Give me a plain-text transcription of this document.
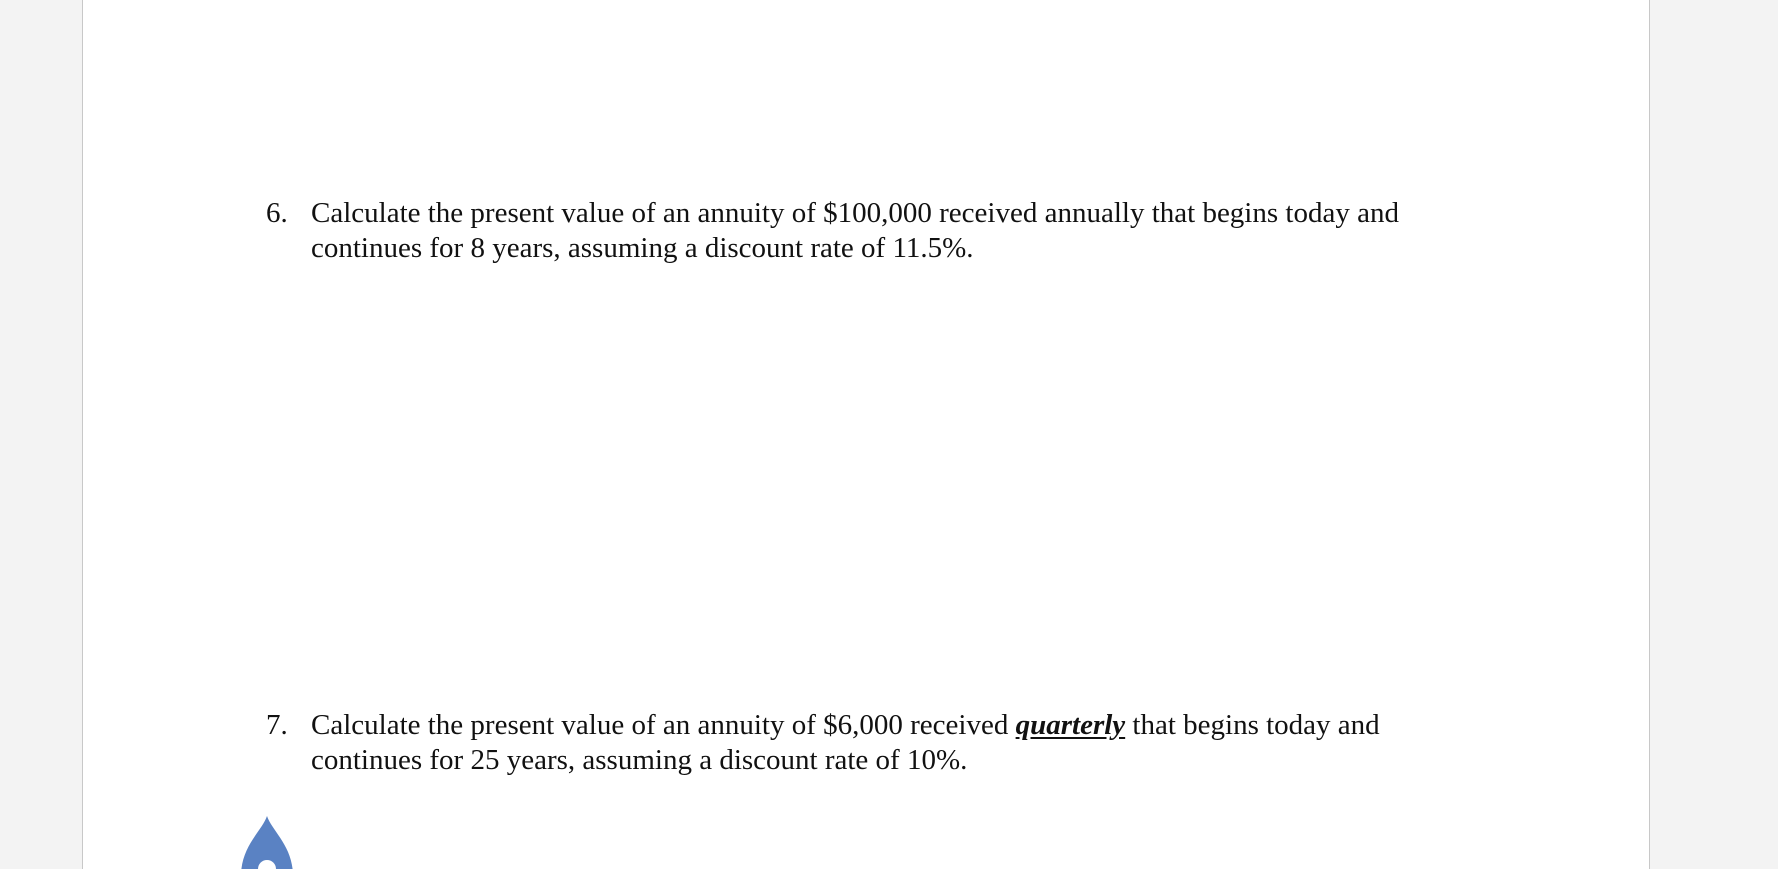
6. Calculate the present value of an annuity of $100,000 received annually that begins today and
continues for 8 years, assuming a discount rate of 11.5%.
7. Calculate the present value of an annuity of $6,000 received quarterly that begins today and
continues for 25 years, assuming a discount rate of 10%.
